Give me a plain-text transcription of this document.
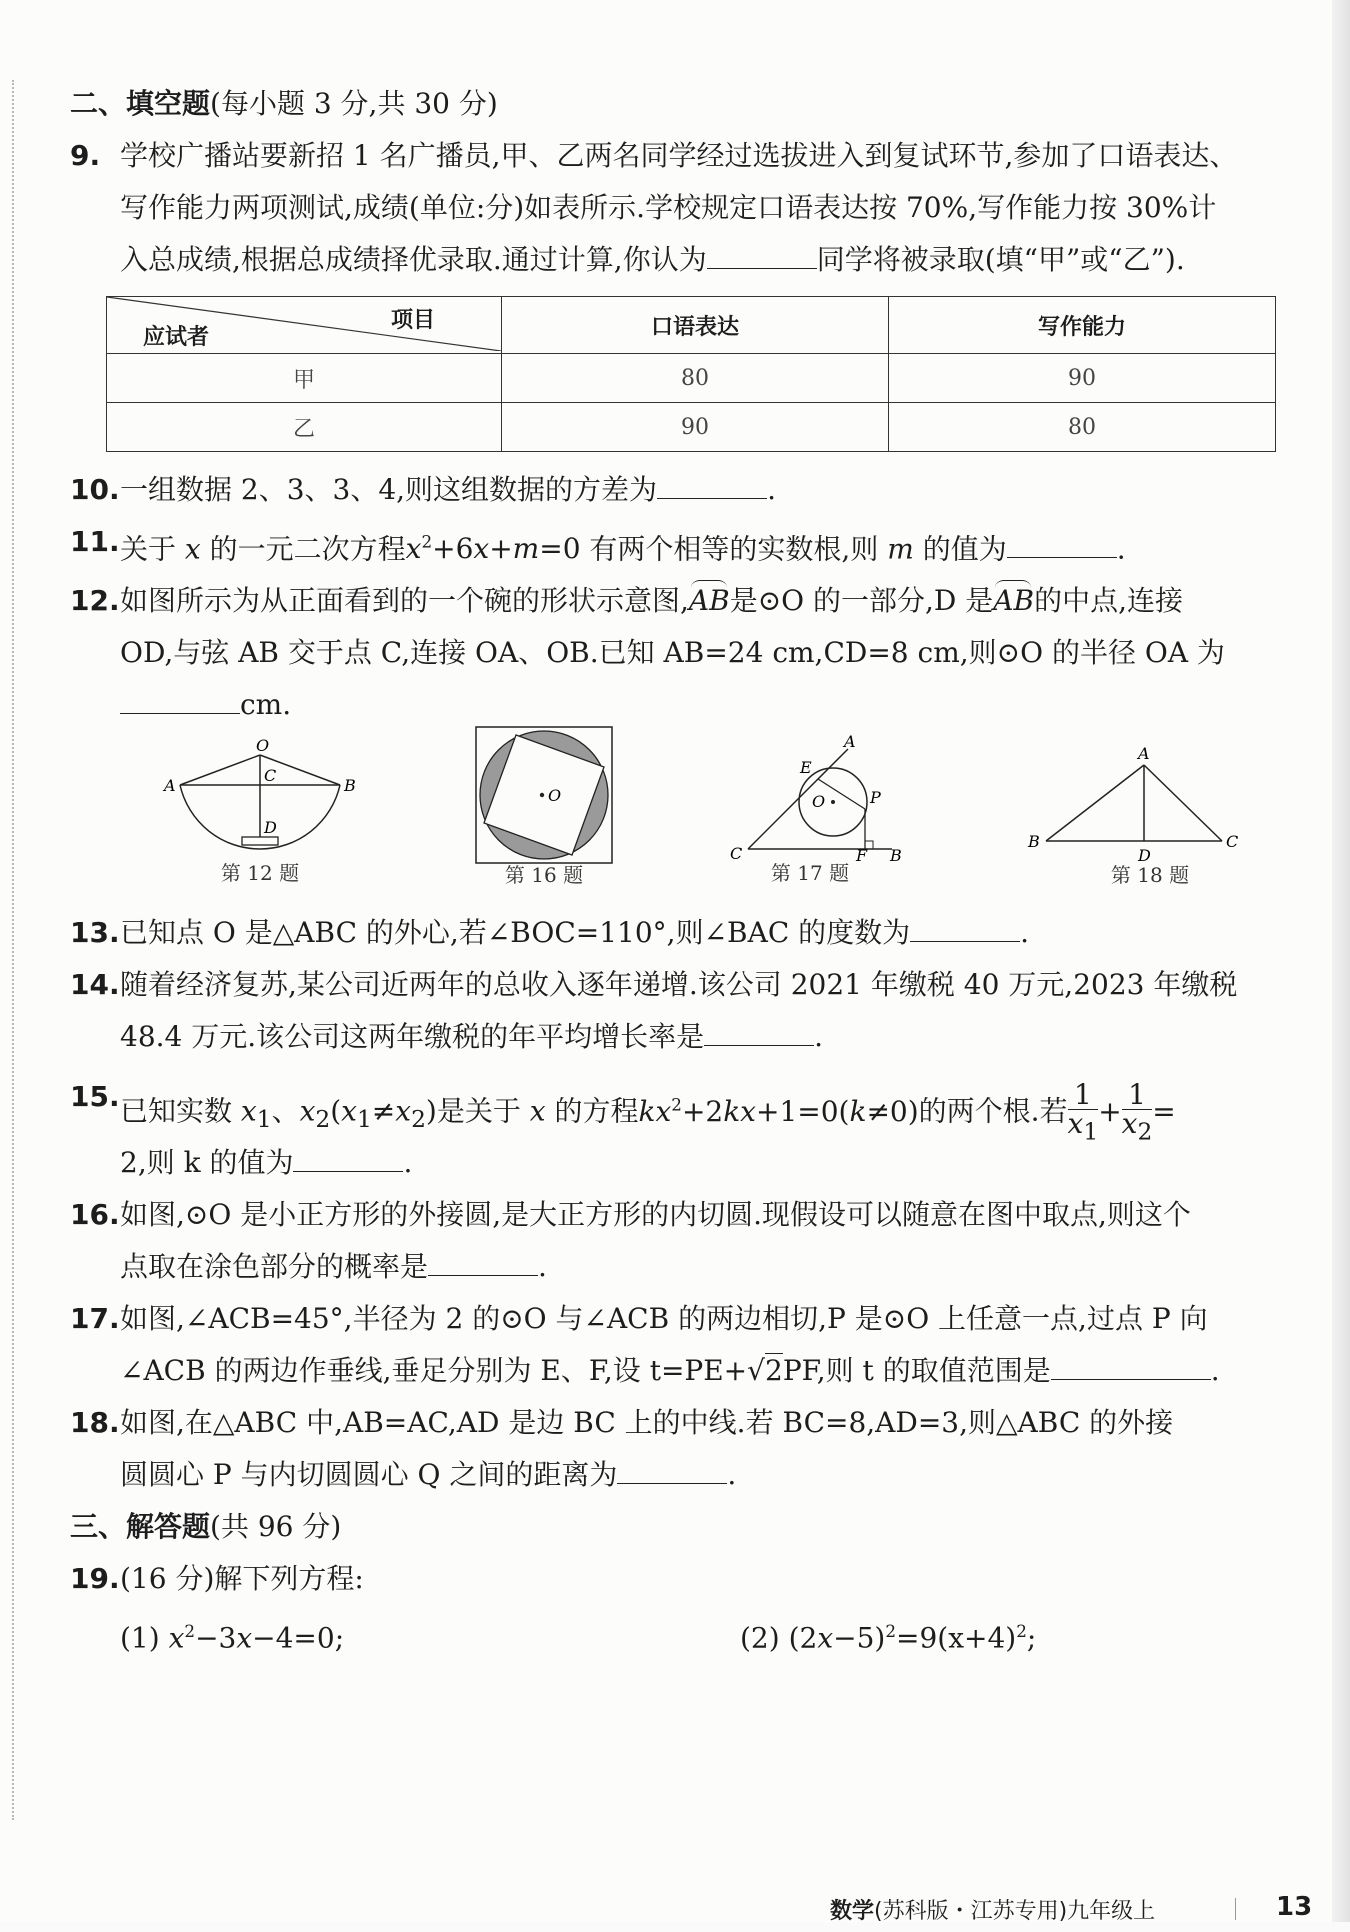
二、填空题(每小题 3 分,共 30 分)
9. 学校广播站要新招 1 名广播员,甲、乙两名同学经过选拔进入到复试环节,参加了口语表达、
写作能力两项测试,成绩(单位:分)如表所示.学校规定口语表达按 70%,写作能力按 30%计
入总成绩,根据总成绩择优录取.通过计算,你认为	同学将被录取(填“甲”或“乙”).
项目
应试者	口语表达	写作能力
甲	80	90
乙	90	80
10. 一组数据 2、3、3、4,则这组数据的方差为	.
11. 关于 x 的一元二次方程$x^2+6x+m=0$ 有两个相等的实数根,则 m 的值为	.
12. 如图所示为从正面看到的一个碗的形状示意图,
AB是⊙O 的一部分,D 是
AB的中点,连接
OD,与弦 AB 交于点 C,连接 OA、OB.已知 AB=24 cm,CD=8 cm,则⊙O 的半径 OA 为
cm.
O
A	B
C
D
第 12 题
O
第 16 题
A
E
O	P
C	F B
第 17 题
A
B	C
D
第 18 题
13. 已知点 O 是△ABC 的外心,若∠BOC=110°,则∠BAC 的度数为	.
14. 随着经济复苏,某公司近两年的总收入逐年递增.该公司 2021 年缴税 40 万元,2023 年缴税
48.4 万元.该公司这两年缴税的年平均增长率是	.
15. 已知实数 $x_1$、$x_2(x_1\ne x_2)$是关于 x 的方程$kx^2+2kx+1=0(k\ne 0)$的两个根.若 $\frac{1}{x_1} + \frac{1}{x_2}$ =
2,则 k 的值为	.
16. 如图,⊙O 是小正方形的外接圆,是大正方形的内切圆.现假设可以随意在图中取点,则这个
点取在涂色部分的概率是	.
17. 如图,∠ACB=45°,半径为 2 的⊙O 与∠ACB 的两边相切,P 是⊙O 上任意一点,过点 P 向
∠ACB 的两边作垂线,垂足分别为 E、F,设 t=PE+√2PF,则 t 的取值范围是	.
18. 如图,在△ABC 中,AB=AC,AD 是边 BC 上的中线.若 BC=8,AD=3,则△ABC 的外接
圆圆心 P 与内切圆圆心 Q 之间的距离为	.
三、解答题(共 96 分)
19. (16 分)解下列方程:
(1) $x^2-3x-4=0$;	(2) $(2x-5)^2=9(x+4)^2$;
数学(苏科版・江苏专用)九年级上	13
